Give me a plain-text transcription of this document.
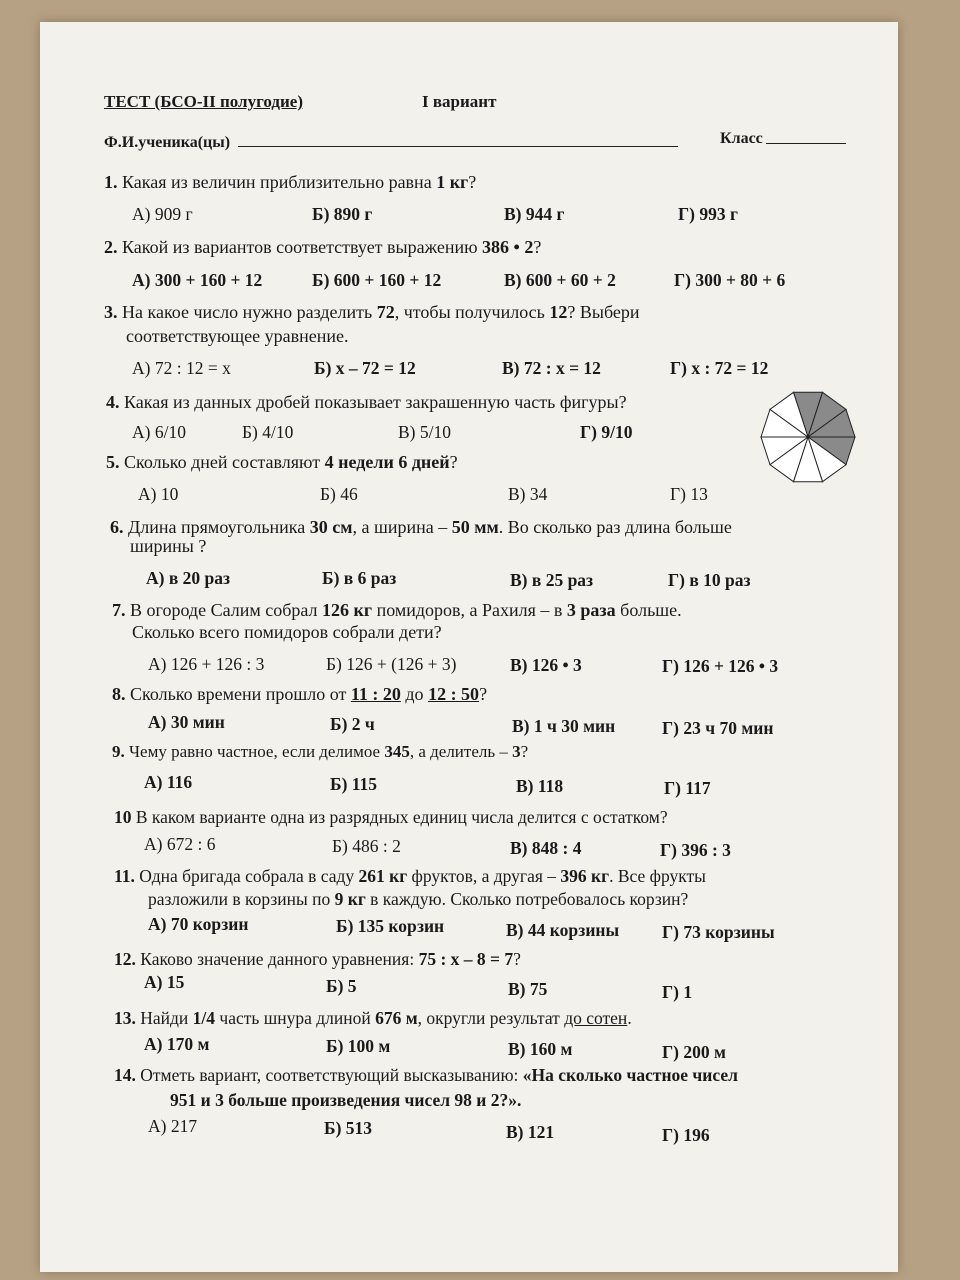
ТЕСТ (БСО-II полугодие)	I вариант
Ф.И.ученика(цы)	Класс
1. Какая из величин приблизительно равна 1 кг?
А) 909 г	Б) 890 г	В) 944 г	Г) 993 г
2. Какой из вариантов соответствует выражению 386 • 2?
А) 300 + 160 + 12	Б) 600 + 160 + 12	В) 600 + 60 + 2	Г) 300 + 80 + 6
3. На какое число нужно разделить 72, чтобы получилось 12? Выбери
соответствующее уравнение.
А) 72 : 12 = х	Б) х – 72 = 12	В) 72 : х = 12	Г) х : 72 = 12
4. Какая из данных дробей показывает закрашенную часть фигуры?
А) 6/10	Б) 4/10	В) 5/10	Г) 9/10
5. Сколько дней составляют 4 недели 6 дней?
А) 10	Б) 46	В) 34	Г) 13
6. Длина прямоугольника 30 см, а ширина – 50 мм. Во сколько раз длина больше
ширины ?
А) в 20 раз	Б) в 6 раз	В) в 25 раз	Г) в 10 раз
7. В огороде Салим собрал 126 кг помидоров, а Рахиля – в 3 раза больше.
Сколько всего помидоров собрали дети?
А) 126 + 126 : 3	Б) 126 + (126 + 3)	В) 126 • 3	Г) 126 + 126 • 3
8. Сколько времени прошло от 11 : 20 до 12 : 50?
А) 30 мин	Б) 2 ч	В) 1 ч 30 мин	Г) 23 ч 70 мин
9. Чему равно частное, если делимое 345, а делитель – 3?
А) 116	Б) 115	В) 118	Г) 117
10 В каком варианте одна из разрядных единиц числа делится с остатком?
А) 672 : 6	Б) 486 : 2	В) 848 : 4	Г) 396 : 3
11. Одна бригада собрала в саду 261 кг фруктов, а другая – 396 кг. Все фрукты
разложили в корзины по 9 кг в каждую. Сколько потребовалось корзин?
А) 70 корзин	Б) 135 корзин	В) 44 корзины Г) 73 корзины
12. Каково значение данного уравнения: 75 : х – 8 = 7?
А) 15	Б) 5	В) 75	Г) 1
13. Найди 1/4 часть шнура длиной 676 м, округли результат до сотен.
А) 170 м	Б) 100 м	В) 160 м	Г) 200 м
14. Отметь вариант, соответствующий высказыванию: «На сколько частное чисел
951 и 3 больше произведения чисел 98 и 2?».
А) 217	Б) 513	В) 121	Г) 196
